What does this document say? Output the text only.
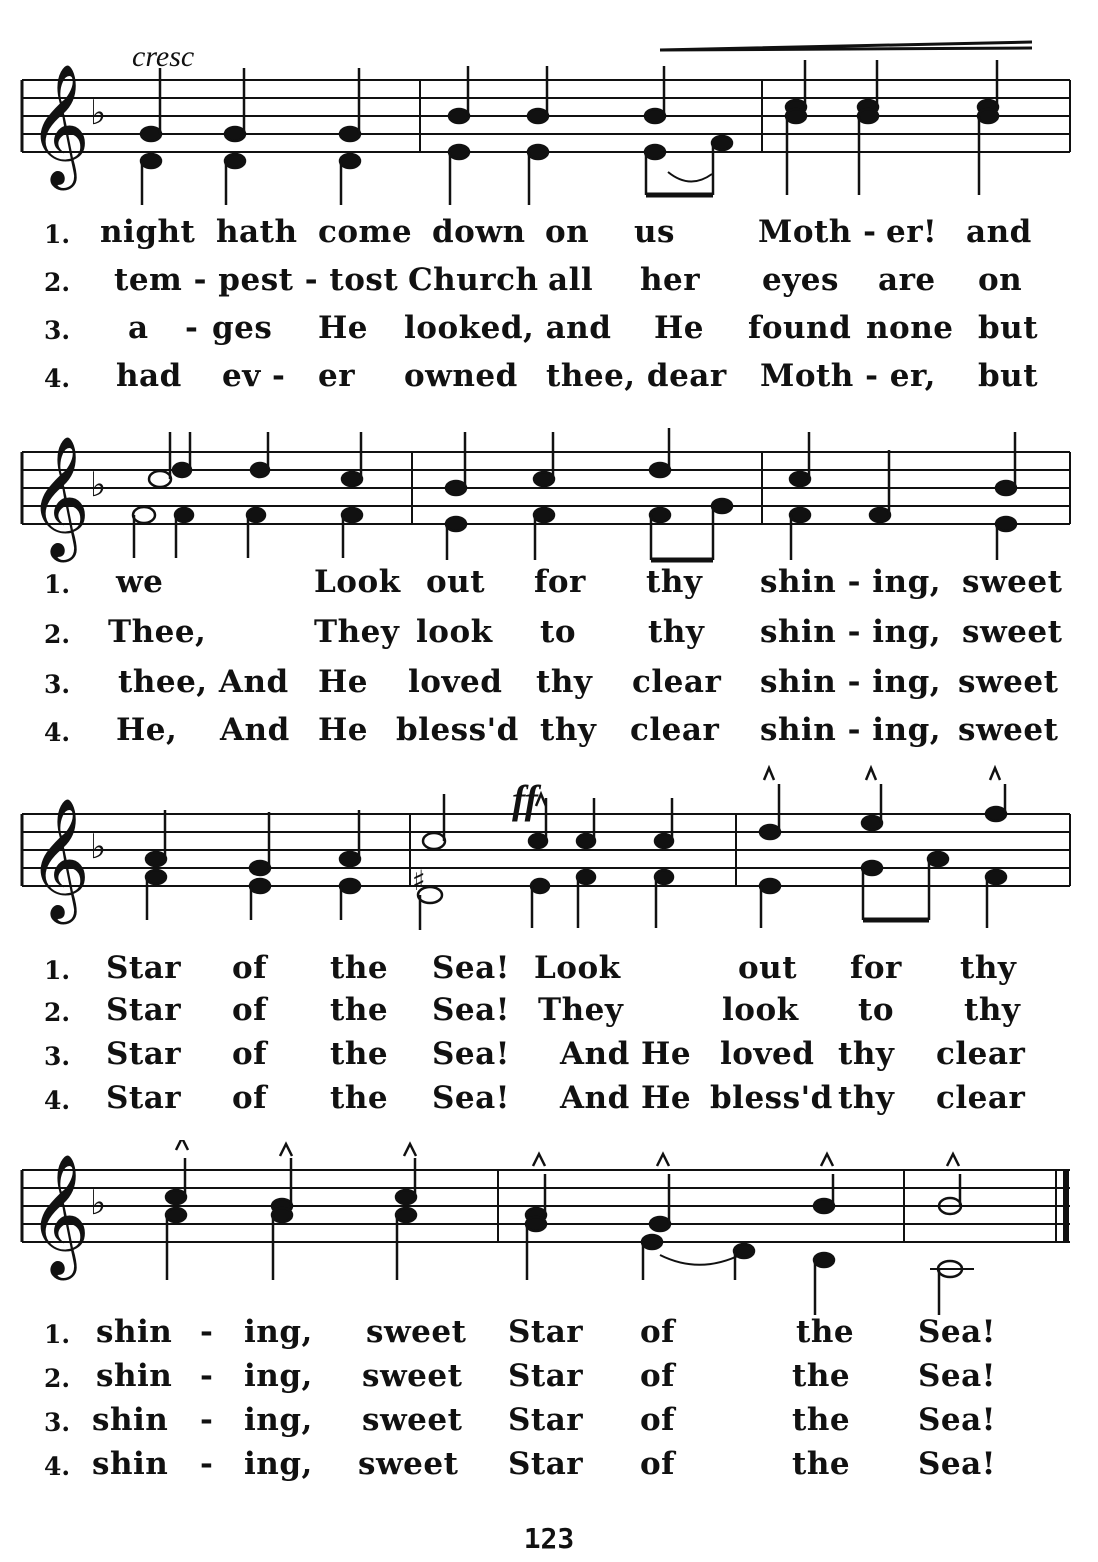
𝄞 ♭
cresc
1. night hath come down on us	Moth - er! and
2. tem - pest - tost Church all her eyes are on
3. a - ges He looked, and He found none but
4. had ev - er owned thee, dear Moth - er, but
𝄞 ♭
1. we	Look out for thy shin - ing, sweet
2. Thee,	They look to thy shin - ing, sweet
3. thee, And He loved thy clear shin - ing, sweet
4. He, And He bless'd thy clear shin - ing, sweet
𝄞 ♭
♯
ff
1. Star of the Sea! Look	out for thy
2. Star of the Sea! They	look to thy
3. Star of the Sea! And He loved thy clear
4. Star of the Sea! And He bless'd thy clear
𝄞 ♭
1. shin - ing, sweet Star of	the Sea!
2. shin - ing, sweet Star of	the Sea!
3. shin - ing, sweet Star of	the Sea!
4. shin - ing, sweet Star of	the Sea!
123
